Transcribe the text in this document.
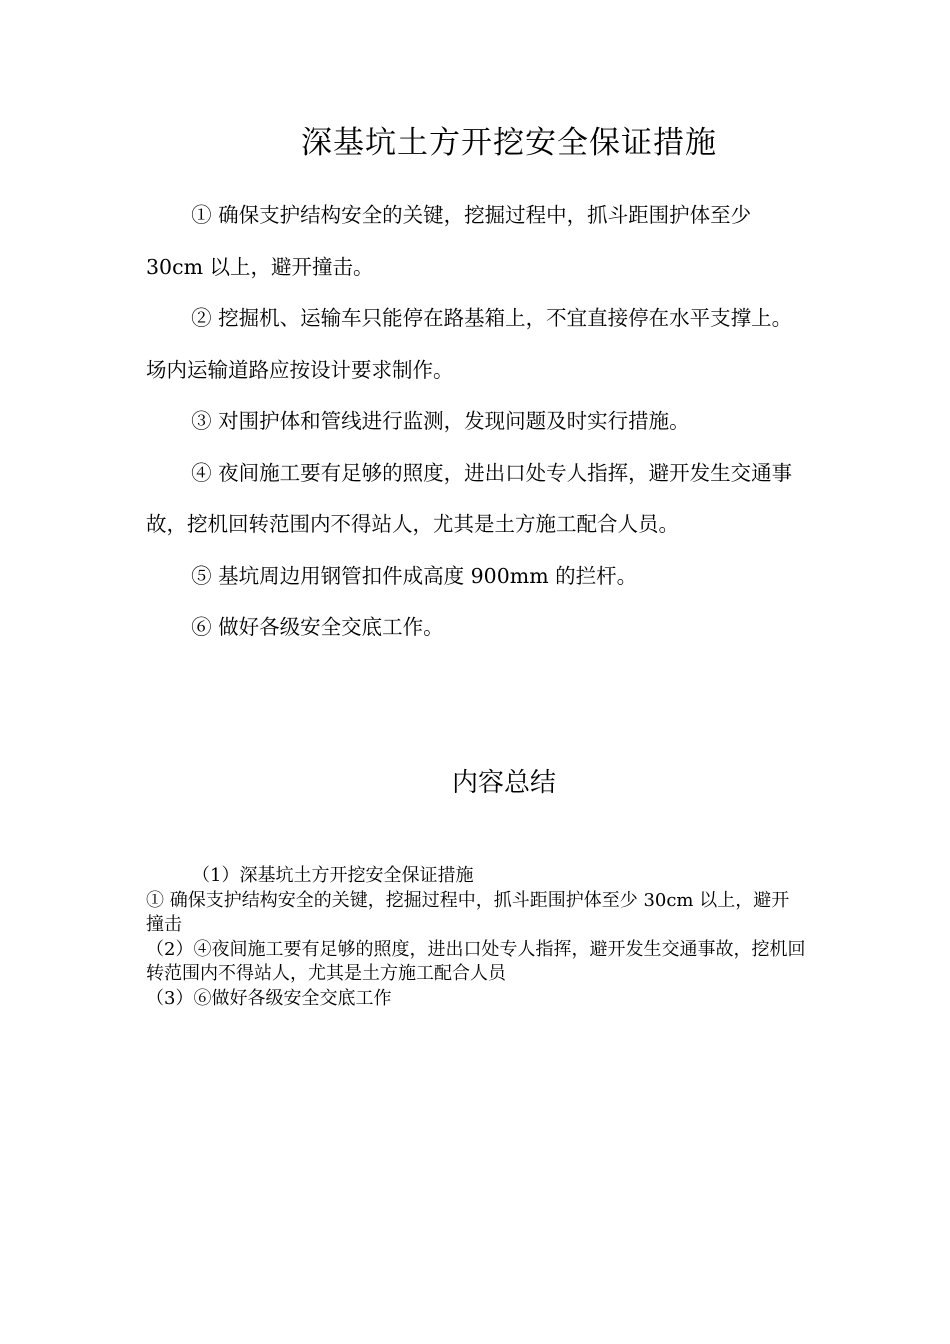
深基坑土方开挖安全保证措施

① 确保支护结构安全的关键，挖掘过程中，抓斗距围护体至少30cm 以上，避开撞击。

② 挖掘机、运输车只能停在路基箱上，不宜直接停在水平支撑上。场内运输道路应按设计要求制作。

③ 对围护体和管线进行监测，发现问题及时实行措施。

④ 夜间施工要有足够的照度，进出口处专人指挥，避开发生交通事故，挖机回转范围内不得站人，尤其是土方施工配合人员。

⑤ 基坑周边用钢管扣件成高度 900mm 的拦杆。

⑥ 做好各级安全交底工作。

内容总结

（1）深基坑土方开挖安全保证措施

① 确保支护结构安全的关键，挖掘过程中，抓斗距围护体至少 30cm 以上，避开撞击

（2）④夜间施工要有足够的照度，进出口处专人指挥，避开发生交通事故，挖机回转范围内不得站人，尤其是土方施工配合人员

（3）⑥做好各级安全交底工作
